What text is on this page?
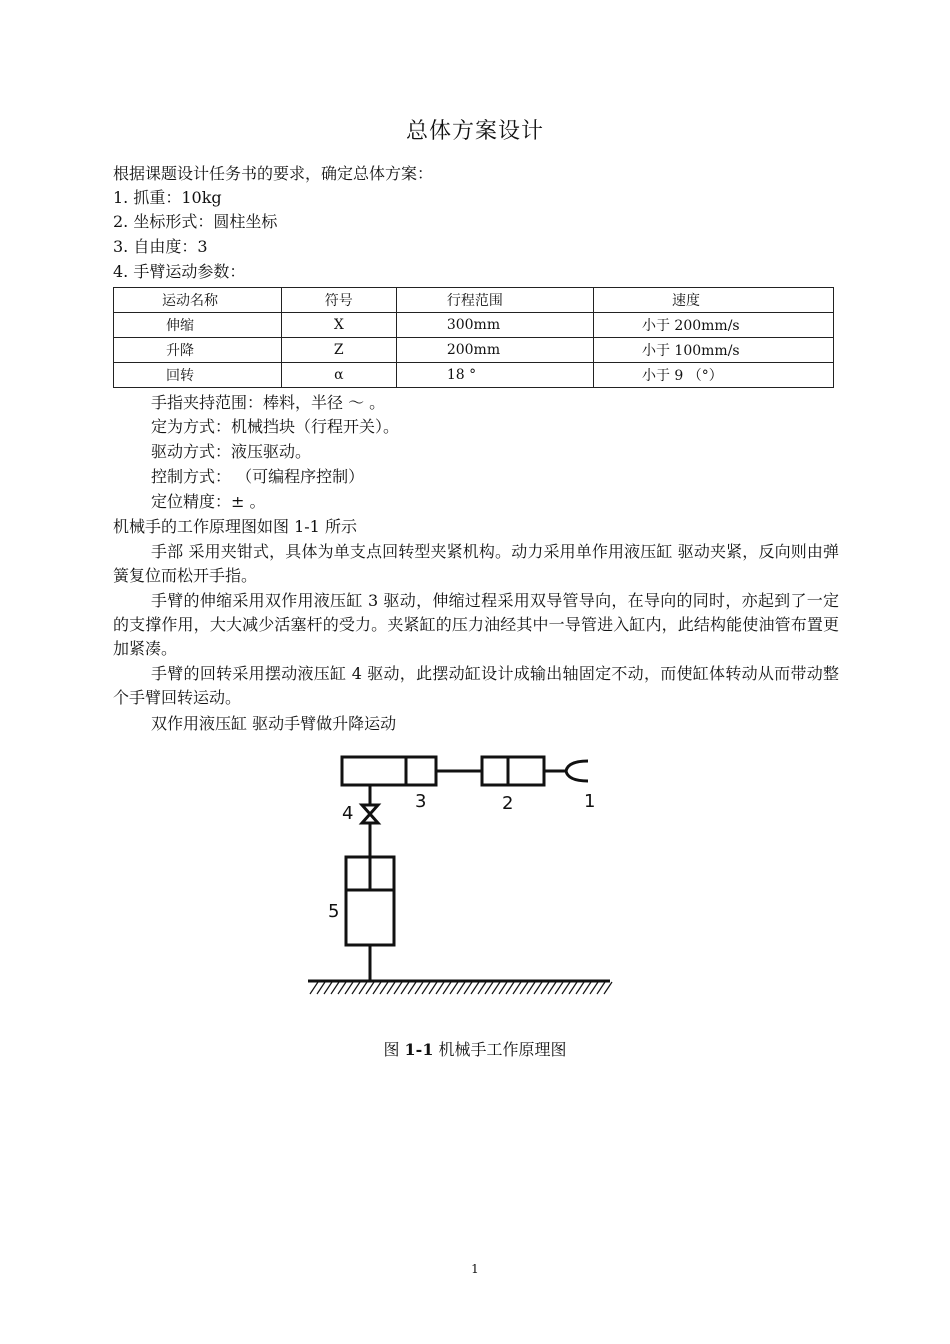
总体方案设计
根据课题设计任务书的要求，确定总体方案：
1. 抓重：10kg
2. 坐标形式：圆柱坐标
3. 自由度：3
4. 手臂运动参数：
运动名称	符号	行程范围	速度
伸缩	X	300mm	小于 200mm/s
升降	Z	200mm	小于 100mm/s
回转	α	18 °	小于 9 （°）
手指夹持范围：棒料，半径 ～ 。
定为方式：机械挡块（行程开关）。
驱动方式：液压驱动。
控制方式： （可编程序控制）
定位精度：± 。
机械手的工作原理图如图 1-1 所示
手部 采用夹钳式，具体为单支点回转型夹紧机构。动力采用单作用液压缸 驱动夹紧，反向则由弹簧复位而松开手指。
手臂的伸缩采用双作用液压缸 3 驱动，伸缩过程采用双导管导向，在导向的同时，亦起到了一定的支撑作用，大大减少活塞杆的受力。夹紧缸的压力油经其中一导管进入缸内，此结构能使油管布置更加紧凑。
手臂的回转采用摆动液压缸 4 驱动，此摆动缸设计成输出轴固定不动，而使缸体转动从而带动整个手臂回转运动。
双作用液压缸 驱动手臂做升降运动
1
2
3
4
5
图 1-1 机械手工作原理图
1
